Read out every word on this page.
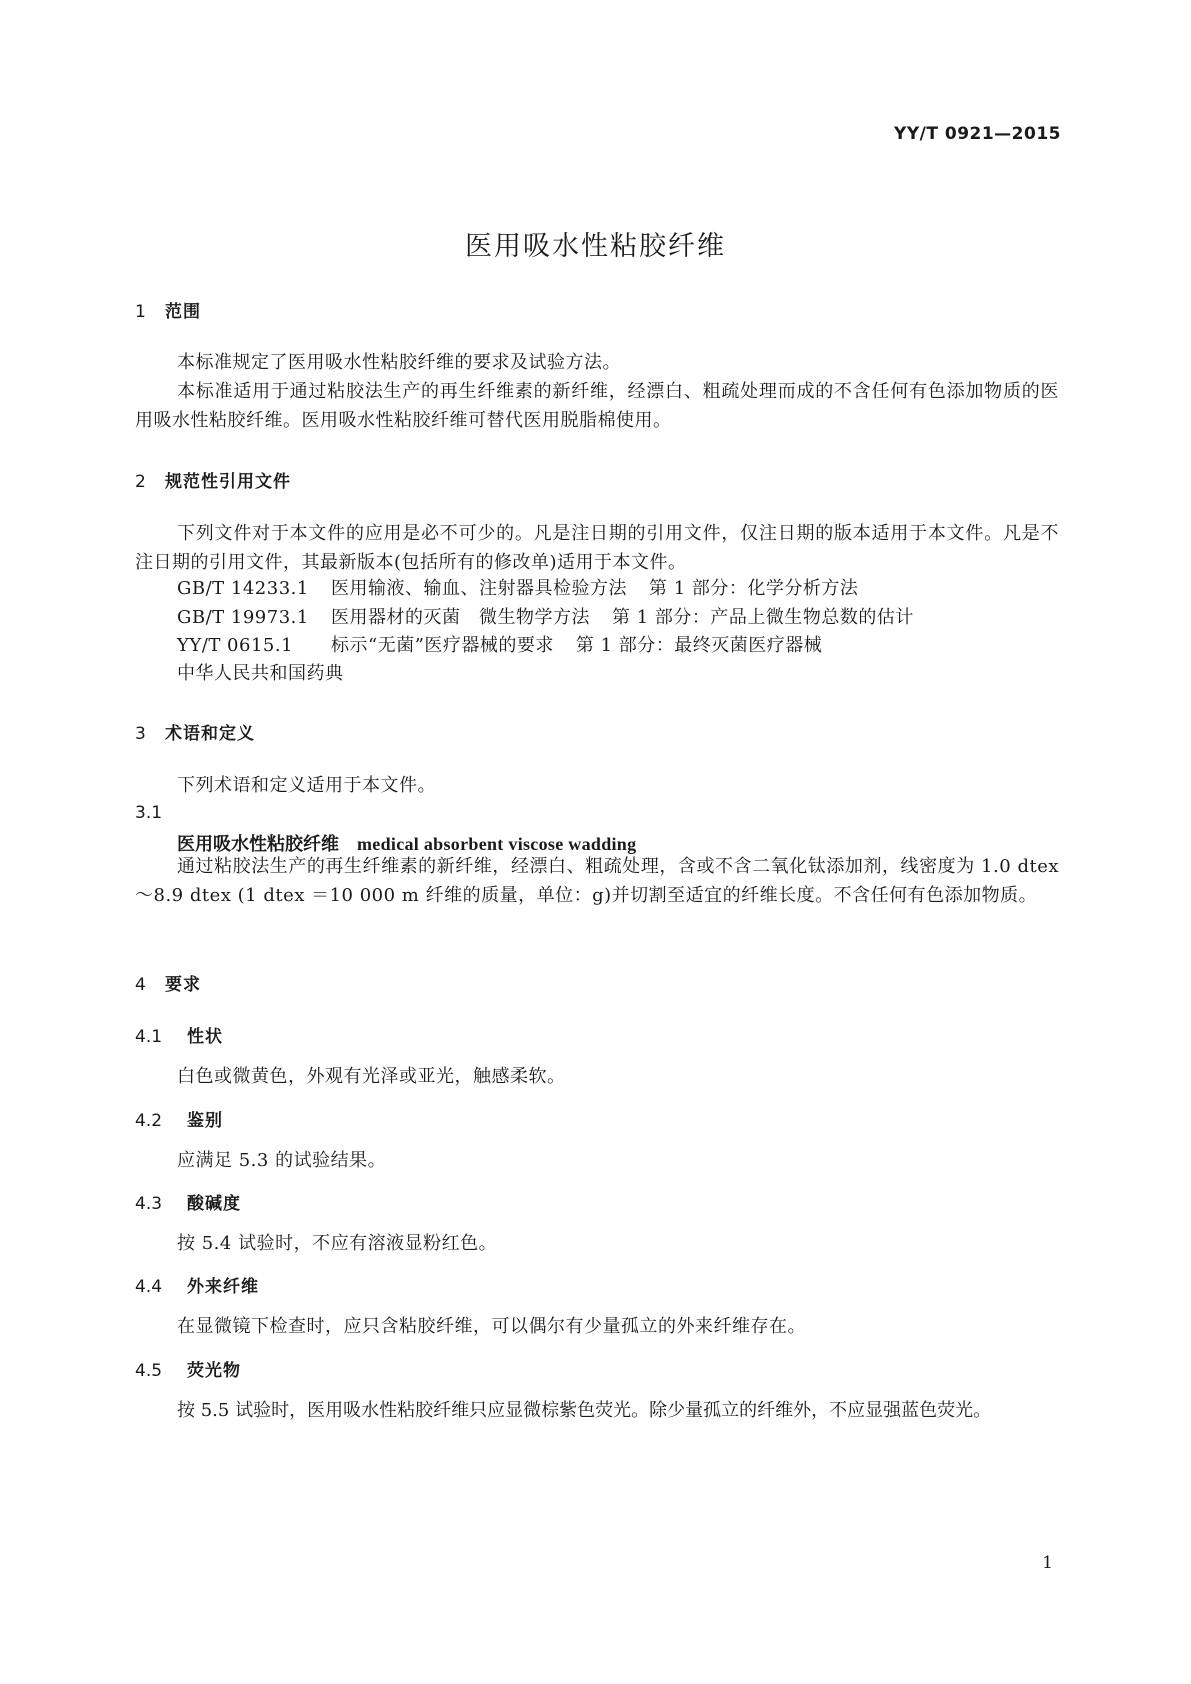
YY/T 0921—2015
医用吸水性粘胶纤维
1 范围

本标准规定了医用吸水性粘胶纤维的要求及试验方法。

本标准适用于通过粘胶法生产的再生纤维素的新纤维，经漂白、粗疏处理而成的不含任何有色添加物质的医用吸水性粘胶纤维。医用吸水性粘胶纤维可替代医用脱脂棉使用。

2 规范性引用文件

下列文件对于本文件的应用是必不可少的。凡是注日期的引用文件，仅注日期的版本适用于本文件。凡是不注日期的引用文件，其最新版本(包括所有的修改单)适用于本文件。

GB/T 14233.1 医用输液、输血、注射器具检验方法 第 1 部分：化学分析方法
GB/T 19973.1 医用器材的灭菌　微生物学方法 第 1 部分：产品上微生物总数的估计
YY/T 0615.1 标示“无菌”医疗器械的要求 第 1 部分：最终灭菌医疗器械
中华人民共和国药典
3 术语和定义
下列术语和定义适用于本文件。
3.1
医用吸水性粘胶纤维 medical absorbent viscose wadding

通过粘胶法生产的再生纤维素的新纤维，经漂白、粗疏处理，含或不含二氧化钛添加剂，线密度为 1.0 dtex～8.9 dtex (1 dtex ＝10 000 m 纤维的质量，单位：g)并切割至适宜的纤维长度。不含任何有色添加物质。

4 要求
4.1 性状
白色或微黄色，外观有光泽或亚光，触感柔软。
4.2 鉴别
应满足 5.3 的试验结果。
4.3 酸碱度
按 5.4 试验时，不应有溶液显粉红色。
4.4 外来纤维
在显微镜下检查时，应只含粘胶纤维，可以偶尔有少量孤立的外来纤维存在。
4.5 荧光物
按 5.5 试验时，医用吸水性粘胶纤维只应显微棕紫色荧光。除少量孤立的纤维外，不应显强蓝色荧光。
1
